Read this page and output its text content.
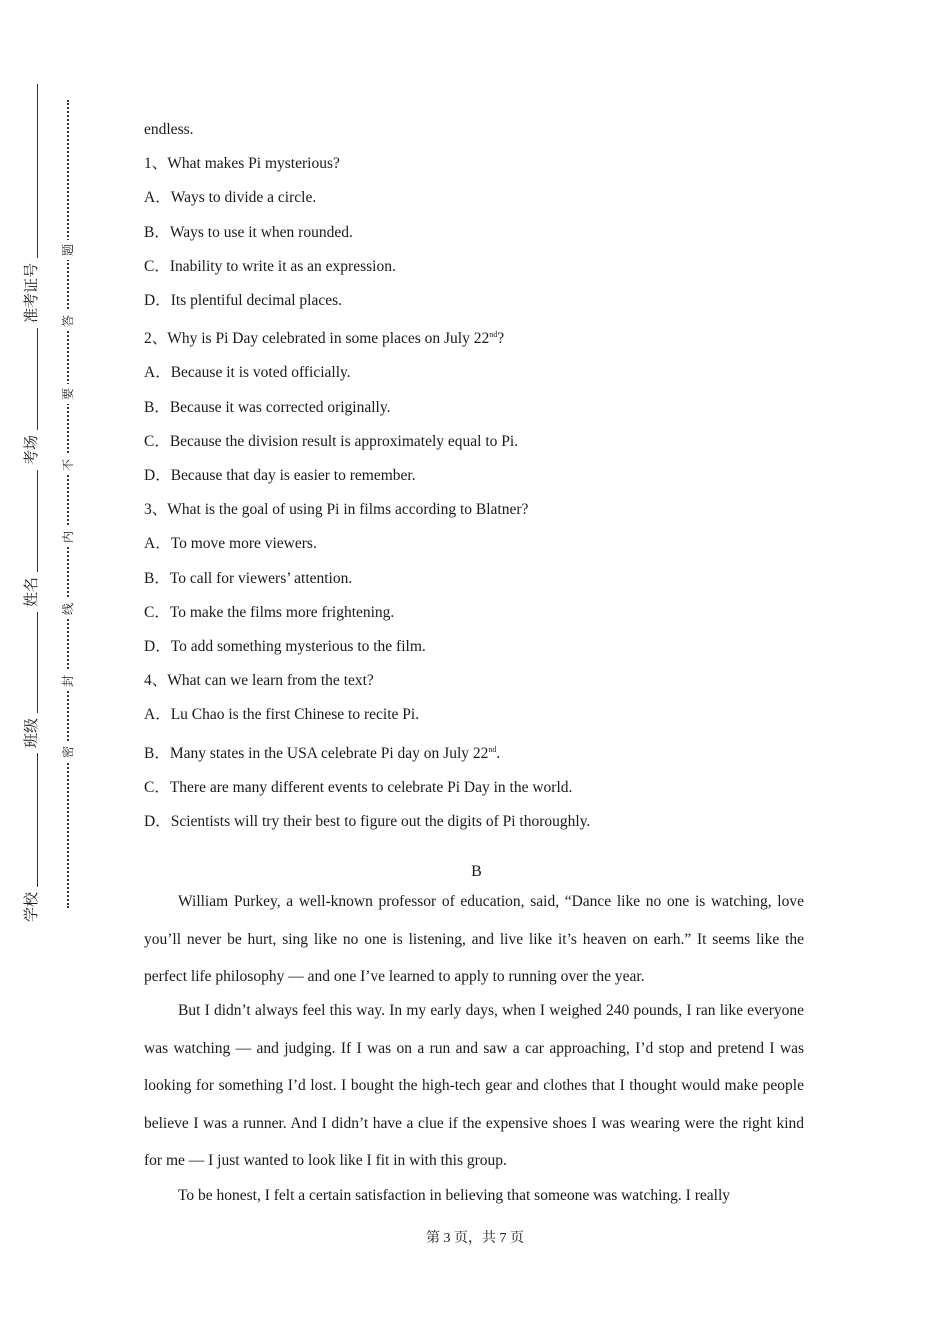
准考证号
考场
姓名
班级
学校
题
答
要
不
内
线
封
密
endless.
1、What makes Pi mysterious?
A．Ways to divide a circle.
B．Ways to use it when rounded.
C．Inability to write it as an expression.
D．Its plentiful decimal places.
2、Why is Pi Day celebrated in some places on July 22nd?
A．Because it is voted officially.
B．Because it was corrected originally.
C．Because the division result is approximately equal to Pi.
D．Because that day is easier to remember.
3、What is the goal of using Pi in films according to Blatner?
A．To move more viewers.
B．To call for viewers’ attention.
C．To make the films more frightening.
D．To add something mysterious to the film.
4、What can we learn from the text?
A．Lu Chao is the first Chinese to recite Pi.
B．Many states in the USA celebrate Pi day on July 22nd.
C．There are many different events to celebrate Pi Day in the world.
D．Scientists will try their best to figure out the digits of Pi thoroughly.
B

William Purkey, a well-known professor of education, said, “Dance like no one is watching, love you’ll never be hurt, sing like no one is listening, and live like it’s heaven on earh.” It seems like the perfect life philosophy — and one I’ve learned to apply to running over the year.

But I didn’t always feel this way. In my early days, when I weighed 240 pounds, I ran like everyone was watching — and judging. If I was on a run and saw a car approaching, I’d stop and pretend I was looking for something I’d lost. I bought the high-tech gear and clothes that I thought would make people believe I was a runner. And I didn’t have a clue if the expensive shoes I was wearing were the right kind for me — I just wanted to look like I fit in with this group.

To be honest, I felt a certain satisfaction in believing that someone was watching. I really

第 3 页，共 7 页
